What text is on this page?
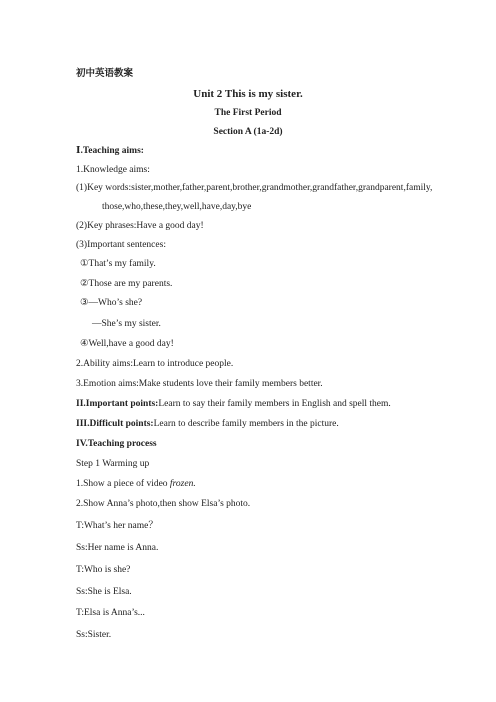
初中英语教案
Unit 2 This is my sister.
The First Period
Section A (1a-2d)
Ⅰ.Teaching aims:
1.Knowledge aims:
(1)Key words:sister,mother,father,parent,brother,grandmother,grandfather,grandparent,family,
those,who,these,they,well,have,day,bye
(2)Key phrases:Have a good day!
(3)Important sentences:
①That’s my family.
②Those are my parents.
③—Who’s she?
—She’s my sister.
④Well,have a good day!
2.Ability aims:Learn to introduce people.
3.Emotion aims:Make students love their family members better.
II.Important points:Learn to say their family members in English and spell them.
III.Difficult points:Learn to describe family members in the picture.
IV.Teaching process
Step 1 Warming up
1.Show a piece of video frozen.
2.Show Anna’s photo,then show Elsa’s photo.
T:What’s her name？
Ss:Her name is Anna.
T:Who is she?
Ss:She is Elsa.
T:Elsa is Anna’s...
Ss:Sister.
